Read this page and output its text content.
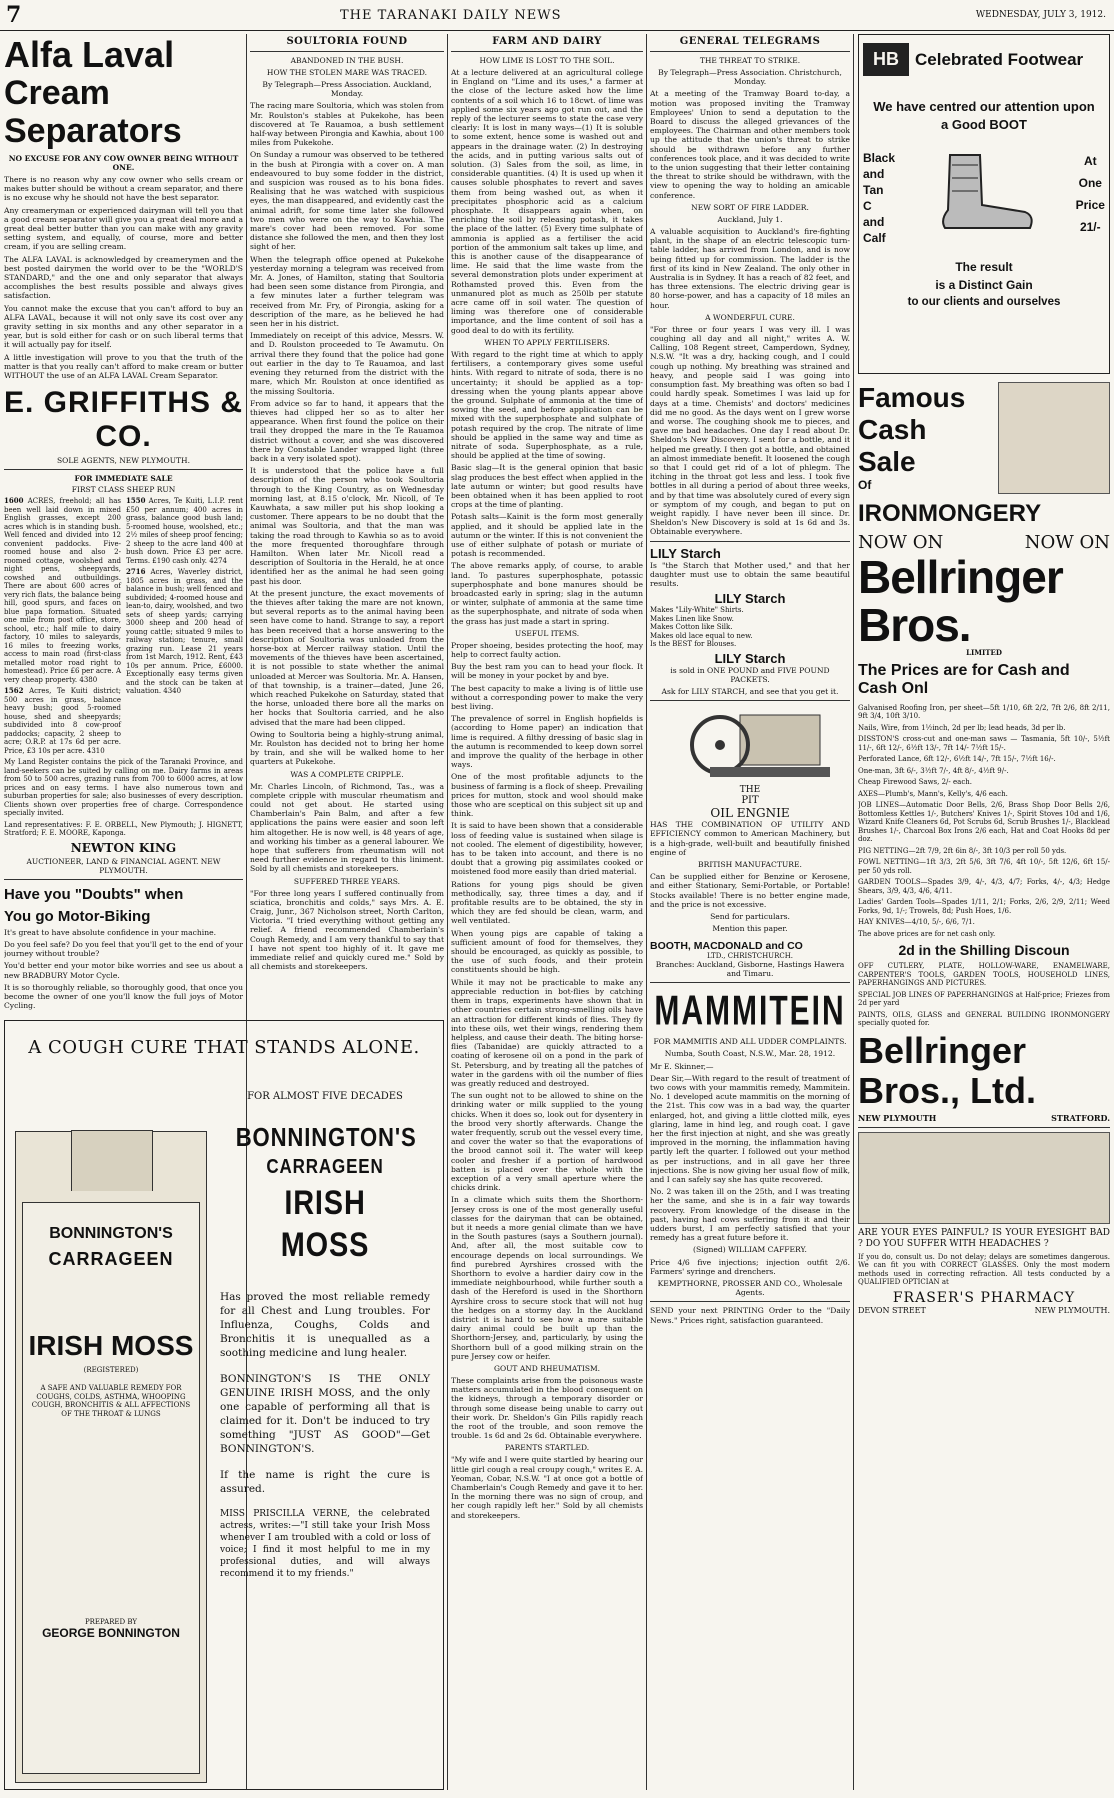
7	THE TARANAKI DAILY NEWS	WEDNESDAY, JULY 3, 1912.
Alfa Laval
Cream Separators
NO EXCUSE FOR ANY COW OWNER BEING WITHOUT ONE.

There is no reason why any cow owner who sells cream or makes butter should be without a cream separator, and there is no excuse why he should not have the best separator.

Any creameryman or experienced dairyman will tell you that a good cream separator will give you a great deal more and a great deal better butter than you can make with any gravity setting system, and equally, of course, more and better cream, if you are selling cream.

The ALFA LAVAL is acknowledged by creamerymen and the best posted dairymen the world over to be the "WORLD'S STANDARD," and the one and only separator that always accomplishes the best results possible and always gives satisfaction.

You cannot make the excuse that you can't afford to buy an ALFA LAVAL, because it will not only save its cost over any gravity setting in six months and any other separator in a year, but is sold either for cash or on such liberal terms that it will actually pay for itself.

A little investigation will prove to you that the truth of the matter is that you really can't afford to make cream or butter WITHOUT the use of an ALFA LAVAL Cream Separator.

E. GRIFFITHS & CO.
SOLE AGENTS, NEW PLYMOUTH.
FOR IMMEDIATE SALE
FIRST CLASS SHEEP RUN

1600 ACRES, freehold; all has been well laid down in mixed English grasses, except 200 acres which is in standing bush. Well fenced and divided into 12 convenient paddocks. Five-roomed house and also 2-roomed cottage, woolshed and night pens, sheepyards, cowshed and outbuildings. There are about 600 acres of very rich flats, the balance being hill, good spurs, and faces on blue papa formation. Situated one mile from post office, store, school, etc.; half mile to dairy factory, 10 miles to saleyards, 16 miles to freezing works, access to main road (first-class metalled motor road right to homestead). Price £6 per acre. A very cheap property. 4380

1562 Acres, Te Kuiti district; 500 acres in grass, balance heavy bush; good 5-roomed house, shed and sheepyards; subdivided into 8 cow-proof paddocks; capacity, 2 sheep to acre; O.R.P. at 17s 6d per acre. Price, £3 10s per acre. 4310

1550 Acres, Te Kuiti, L.I.P. rent £50 per annum; 400 acres in grass, balance good bush land; 5-roomed house, woolshed, etc.; 2½ miles of sheep proof fencing; 2 sheep to the acre land 400 at bush down. Price £3 per acre. Terms. £190 cash only. 4274

2716 Acres, Waverley district, 1805 acres in grass, and the balance in bush; well fenced and subdivided; 4-roomed house and lean-to, dairy, woolshed, and two sets of sheep yards; carrying 3000 sheep and 200 head of young cattle; situated 9 miles to railway station; tenure, small grazing run. Lease 21 years from 1st March, 1912. Rent, £43 10s per annum. Price, £6000. Exceptionally easy terms given and the stock can be taken at valuation. 4340

My Land Register contains the pick of the Taranaki Province, and land-seekers can be suited by calling on me. Dairy farms in areas from 50 to 500 acres, grazing runs from 700 to 6000 acres, at low prices and on easy terms. I have also numerous town and suburban properties for sale; also businesses of every description. Clients shown over properties free of charge. Correspondence specially invited.

Land representatives: F. E. ORBELL, New Plymouth; J. HIGNETT, Stratford; F. E. MOORE, Kaponga.

NEWTON KING
AUCTIONEER, LAND & FINANCIAL AGENT. NEW PLYMOUTH.
Have you "Doubts" when
You go Motor-Biking

It's great to have absolute confidence in your machine.

Do you feel safe? Do you feel that you'll get to the end of your journey without trouble?

You'd better end your motor bike worries and see us about a new BRADBURY Motor Cycle.

It is so thoroughly reliable, so thoroughly good, that once you become the owner of one you'll know the full joys of Motor Cycling.

A COUGH CURE THAT STANDS ALONE.
BONNINGTON'S
CARRAGEEN
IRISH MOSS
(REGISTERED)

A SAFE AND VALUABLE REMEDY FOR COUGHS, COLDS, ASTHMA, WHOOPING COUGH, BRONCHITIS & ALL AFFECTIONS OF THE THROAT & LUNGS

PREPARED BY
GEORGE BONNINGTON
FOR ALMOST FIVE DECADES
BONNINGTON'S
CARRAGEEN
IRISH MOSS

Has proved the most reliable remedy for all Chest and Lung troubles. For Influenza, Coughs, Colds and Bronchitis it is unequalled as a soothing medicine and lung healer.

BONNINGTON'S IS THE ONLY GENUINE IRISH MOSS, and the only one capable of performing all that is claimed for it. Don't be induced to try something "JUST AS GOOD"—Get BONNINGTON'S.

If the name is right the cure is assured.

MISS PRISCILLA VERNE, the celebrated actress, writes:—"I still take your Irish Moss whenever I am troubled with a cold or loss of voice; I find it most helpful to me in my professional duties, and will always recommend it to my friends."

SOULTORIA FOUND
ABANDONED IN THE BUSH.
HOW THE STOLEN MARE WAS TRACED.

By Telegraph—Press Association. Auckland, Monday.

The racing mare Soultoria, which was stolen from Mr. Roulston's stables at Pukekohe, has been discovered at Te Rauamoa, a bush settlement half-way between Pirongia and Kawhia, about 100 miles from Pukekohe.

On Sunday a rumour was observed to be tethered in the bush at Pirongia with a cover on. A man endeavoured to buy some fodder in the district, and suspicion was roused as to his bona fides. Realising that he was watched with suspicious eyes, the man disappeared, and evidently cast the animal adrift, for some time later she followed two men who were on the way to Kawhia. The mare's cover had been removed. For some distance she followed the men, and then they lost sight of her.

When the telegraph office opened at Pukekohe yesterday morning a telegram was received from Mr. A. Jones, of Hamilton, stating that Soultoria had been seen some distance from Pirongia, and a few minutes later a further telegram was received from Mr. Fry, of Pirongia, asking for a description of the mare, as he believed he had seen her in his district.

Immediately on receipt of this advice, Messrs. W. and D. Roulston proceeded to Te Awamutu. On arrival there they found that the police had gone out earlier in the day to Te Rauamoa, and last evening they returned from the district with the mare, which Mr. Roulston at once identified as the missing Soultoria.

From advice so far to hand, it appears that the thieves had clipped her so as to alter her appearance. When first found the police on their trail they dropped the mare in the Te Rauamoa district without a cover, and she was discovered there by Constable Lander wrapped light (three back in a very isolated spot).

It is understood that the police have a full description of the person who took Soultoria through to the King Country, as on Wednesday morning last, at 8.15 o'clock, Mr. Nicoll, of Te Kauwhata, a saw miller put his shop looking a customer. There appears to be no doubt that the animal was Soultoria, and that the man was taking the road through to Kawhia so as to avoid the more frequented thoroughfare through Hamilton. When later Mr. Nicoll read a description of Soultoria in the Herald, he at once identified her as the animal he had seen going past his door.

At the present juncture, the exact movements of the thieves after taking the mare are not known, but several reports as to the animal having been seen have come to hand. Strange to say, a report has been received that a horse answering to the description of Soultoria was unloaded from the horse-box at Mercer railway station. Until the movements of the thieves have been ascertained, it is not possible to state whether the animal unloaded at Mercer was Soultoria. Mr. A. Hansen, of that township, is a trainer—dated, June 26, which reached Pukekohe on Saturday, stated that the horse, unloaded there bore all the marks on her hocks that Soultoria carried, and he also advised that the mare had been clipped.

Owing to Soultoria being a highly-strung animal, Mr. Roulston has decided not to bring her home by train, and she will be walked home to her quarters at Pukekohe.

WAS A COMPLETE CRIPPLE.

Mr. Charles Lincoln, of Richmond, Tas., was a complete cripple with muscular rheumatism and could not get about. He started using Chamberlain's Pain Balm, and after a few applications the pains were easier and soon left him altogether. He is now well, is 48 years of age, and working his timber as a general labourer. We hope that sufferers from rheumatism will not need further evidence in regard to this liniment. Sold by all chemists and storekeepers.

SUFFERED THREE YEARS.

"For three long years I suffered continually from sciatica, bronchitis and colds," says Mrs. A. E. Craig, Junr., 367 Nicholson street, North Carlton, Victoria. "I tried everything without getting any relief. A friend recommended Chamberlain's Cough Remedy, and I am very thankful to say that I have not spent too highly of it. It gave me immediate relief and quickly cured me." Sold by all chemists and storekeepers.

FARM AND DAIRY
HOW LIME IS LOST TO THE SOIL.

At a lecture delivered at an agricultural college in England on "Lime and its uses," a farmer at the close of the lecture asked how the lime contents of a soil which 16 to 18cwt. of lime was applied some six years ago got run out, and the reply of the lecturer seems to state the case very clearly: It is lost in many ways—(1) It is soluble to some extent, hence some is washed out and appears in the drainage water. (2) In destroying the acids, and in putting various salts out of solution. (3) Sales from the soil, as lime, in considerable quantities. (4) It is used up when it causes soluble phosphates to revert and saves them from being washed out, as when it precipitates phosphoric acid as a calcium phosphate. It disappears again when, on enriching the soil by releasing potash, it takes the place of the latter. (5) Every time sulphate of ammonia is applied as a fertiliser the acid portion of the ammonium salt takes up lime, and this is another cause of the disappearance of lime. He said that the lime waste from the several demonstration plots under experiment at Rothamsted proved this. Even from the unmanured plot as much as 250lb per statute acre came off in soil water. The question of liming was therefore one of considerable importance, and the lime content of soil has a good deal to do with its fertility.

WHEN TO APPLY FERTILISERS.

With regard to the right time at which to apply fertilisers, a contemporary gives some useful hints. With regard to nitrate of soda, there is no uncertainty; it should be applied as a top-dressing when the young plants appear above the ground. Sulphate of ammonia at the time of sowing the seed, and before application can be mixed with the superphosphate and sulphate of potash required by the crop. The nitrate of lime should be applied in the same way and time as nitrate of soda. Superphosphate, as a rule, should be applied at the time of sowing.

Basic slag—It is the general opinion that basic slag produces the best effect when applied in the late autumn or winter; but good results have been obtained when it has been applied to root crops at the time of planting.

Potash salts—Kainit is the form most generally applied, and it should be applied late in the autumn or the winter. If this is not convenient the use of either sulphate of potash or muriate of potash is recommended.

The above remarks apply, of course, to arable land. To pastures superphosphate, potassic superphosphate and bone manures should be broadcasted early in spring; slag in the autumn or winter, sulphate of ammonia at the same time as the superphosphate, and nitrate of soda when the grass has just made a start in spring.

USEFUL ITEMS.

Proper shoeing, besides protecting the hoof, may help to correct faulty action.

Buy the best ram you can to head your flock. It will be money in your pocket by and bye.

The best capacity to make a living is of little use without a corresponding power to make the very best living.

The prevalence of sorrel in English hopfields is (according to Home paper) an indication that lime is required. A filthy dressing of basic slag in the autumn is recommended to keep down sorrel and improve the quality of the herbage in other ways.

One of the most profitable adjuncts to the business of farming is a flock of sheep. Prevailing prices for mutton, stock and wool should make those who are sceptical on this subject sit up and think.

It is said to have been shown that a considerable loss of feeding value is sustained when silage is not cooled. The element of digestibility, however, has to be taken into account, and there is no doubt that a growing pig assimilates cooked or moistened food more easily than dried material.

Rations for young pigs should be given methodically, say, three times a day, and if profitable results are to be obtained, the sty in which they are fed should be clean, warm, and well ventilated.

When young pigs are capable of taking a sufficient amount of food for themselves, they should be encouraged, as quickly as possible, to the use of such foods, and their protein constituents should be high.

While it may not be practicable to make any appreciable reduction in bot-flies by catching them in traps, experiments have shown that in other countries certain strong-smelling oils have an attraction for different kinds of flies. They fly into these oils, wet their wings, rendering them helpless, and cause their death. The biting horse-flies (Tabanidae) are quickly attracted to a coating of kerosene oil on a pond in the park of St. Petersburg, and by treating all the patches of water in the gardens with oil the number of flies was greatly reduced and destroyed.

The sun ought not to be allowed to shine on the drinking water or milk supplied to the young chicks. When it does so, look out for dysentery in the brood very shortly afterwards. Change the water frequently, scrub out the vessel every time, and cover the water so that the evaporations of the brood cannot soil it. The water will keep cooler and fresher if a portion of hardwood batten is placed over the whole with the exception of a very small aperture where the chicks drink.

In a climate which suits them the Shorthorn-Jersey cross is one of the most generally useful classes for the dairyman that can be obtained, but it needs a more genial climate than we have in the South pastures (says a Southern journal). And, after all, the most suitable cow to encourage depends on local surroundings. We find purebred Ayrshires crossed with the Shorthorn to evolve a hardier dairy cow in the immediate neighbourhood, while further south a dash of the Hereford is used in the Shorthorn Ayrshire cross to secure stock that will not hug the hedges on a stormy day. In the Auckland district it is hard to see how a more suitable dairy animal could be built up than the Shorthorn-Jersey, and, particularly, by using the Shorthorn bull of a good milking strain on the pure Jersey cow or heifer.

GOUT AND RHEUMATISM.

These complaints arise from the poisonous waste matters accumulated in the blood consequent on the kidneys, through a temporary disorder or through some disease being unable to carry out their work. Dr. Sheldon's Gin Pills rapidly reach the root of the trouble, and soon remove the trouble. 1s 6d and 2s 6d. Obtainable everywhere.

PARENTS STARTLED.

"My wife and I were quite startled by hearing our little girl cough a real croupy cough," writes E. A. Yeoman, Cobar, N.S.W. "I at once got a bottle of Chamberlain's Cough Remedy and gave it to her. In the morning there was no sign of croup, and her cough rapidly left her." Sold by all chemists and storekeepers.

GENERAL TELEGRAMS
THE THREAT TO STRIKE.

By Telegraph—Press Association. Christchurch, Monday.

At a meeting of the Tramway Board to-day, a motion was proposed inviting the Tramway Employees' Union to send a deputation to the Board to discuss the alleged grievances of the employees. The Chairman and other members took up the attitude that the union's threat to strike should be withdrawn before any further conferences took place, and it was decided to write to the union suggesting that their letter containing the threat to strike should be withdrawn, with the view to opening the way to holding an amicable conference.

NEW SORT OF FIRE LADDER.

Auckland, July 1.

A valuable acquisition to Auckland's fire-fighting plant, in the shape of an electric telescopic turn-table ladder, has arrived from London, and is now being fitted up for commission. The ladder is the first of its kind in New Zealand. The only other in Australia is in Sydney. It has a reach of 82 feet, and has three extensions. The electric driving gear is 80 horse-power, and has a capacity of 18 miles an hour.

A WONDERFUL CURE.

"For three or four years I was very ill. I was coughing all day and all night," writes A. W. Calling, 108 Regent street, Camperdown, Sydney, N.S.W. "It was a dry, hacking cough, and I could cough up nothing. My breathing was strained and heavy, and people said I was going into consumption fast. My breathing was often so bad I could hardly speak. Sometimes I was laid up for days at a time. Chemists' and doctors' medicines did me no good. As the days went on I grew worse and worse. The coughing shook me to pieces, and gave me bad headaches. One day I read about Dr. Sheldon's New Discovery. I sent for a bottle, and it helped me greatly. I then got a bottle, and obtained an almost immediate benefit. It loosened the cough so that I could get rid of a lot of phlegm. The itching in the throat got less and less. I took five bottles in all during a period of about three weeks, and by that time was absolutely cured of every sign or symptom of my cough, and began to put on weight rapidly. I have never been ill since. Dr. Sheldon's New Discovery is sold at 1s 6d and 3s. Obtainable everywhere.

LILY Starch

Is "the Starch that Mother used," and that her daughter must use to obtain the same beautiful results.

LILY Starch
Makes "Lily-White" Shirts.
Makes Linen like Snow.
Makes Cotton like Silk.
Makes old lace equal to new.
Is the BEST for Blouses.
LILY Starch

is sold in ONE POUND and FIVE POUND PACKETS.

Ask for LILY STARCH, and see that you get it.

THE
PIT
OIL ENGNIE

HAS THE COMBINATION OF UTILITY AND EFFICIENCY common to American Machinery, but is a high-grade, well-built and beautifully finished engine of

BRITISH MANUFACTURE.

Can be supplied either for Benzine or Kerosene, and either Stationary, Semi-Portable, or Portable! Stocks available! There is no better engine made, and the price is not excessive.

Send for particulars.

Mention this paper.

BOOTH, MACDONALD and CO
LTD., CHRISTCHURCH.

Branches: Auckland, Gisborne, Hastings Hawera and Timaru.

MAMMITEIN
FOR MAMMITIS AND ALL UDDER COMPLAINTS.

Numba, South Coast, N.S.W., Mar. 28, 1912.

Mr E. Skinner,—

Dear Sir,—With regard to the result of treatment of two cows with your mammitis remedy, Mammitein. No. 1 developed acute mammitis on the morning of the 21st. This cow was in a bad way, the quarter enlarged, hot, and giving a little clotted milk, eyes glaring, lame in hind leg, and rough coat. I gave her the first injection at night, and she was greatly improved in the morning, the inflammation having partly left the quarter. I followed out your method as per instructions, and in all gave her three injections. She is now giving her usual flow of milk, and I can safely say she has quite recovered.

No. 2 was taken ill on the 25th, and I was treating her the same, and she is in a fair way towards recovery. From knowledge of the disease in the past, having had cows suffering from it and their udders burst, I am perfectly satisfied that your remedy has a great future before it.

(Signed) WILLIAM CAFFERY.

Price 4/6 five injections; injection outfit 2/6. Farmers' syringe and drenchers.

KEMPTHORNE, PROSSER AND CO., Wholesale Agents.

SEND your next PRINTING Order to the "Daily News." Prices right, satisfaction guaranteed.

HB Celebrated Footwear
We have centred our attention upon a Good BOOT
Black
and
Tan
C
and
Calf
At
One
Price
21/-
The result
is a Distinct Gain
to our clients and ourselves
Famous
Cash
Sale
Of
IRONMONGERY
NOW ON	NOW ON
Bellringer Bros.
LIMITED
The Prices are for Cash and Cash Onl

Galvanised Roofing Iron, per sheet—5ft 1/10, 6ft 2/2, 7ft 2/6, 8ft 2/11, 9ft 3/4, 10ft 3/10.

Nails, Wire, from 1½inch, 2d per lb; lead heads, 3d per lb.

DISSTON'S cross-cut and one-man saws — Tasmania, 5ft 10/-, 5½ft 11/-, 6ft 12/-, 6½ft 13/-, 7ft 14/- 7½ft 15/-.

Perforated Lance, 6ft 12/-, 6½ft 14/-, 7ft 15/-, 7½ft 16/-.

One-man, 3ft 6/-, 3½ft 7/-, 4ft 8/-, 4½ft 9/-.

Cheap Firewood Saws, 2/- each.

AXES—Plumb's, Mann's, Kelly's, 4/6 each.

JOB LINES—Automatic Door Bells, 2/6, Brass Shop Door Bells 2/6, Bottomless Kettles 1/-, Butchers' Knives 1/-, Spirit Stoves 10d and 1/6, Wizard Knife Cleaners 6d, Pot Scrubs 6d, Scrub Brushes 1/-, Blacklead Brushes 1/-, Charcoal Box Irons 2/6 each, Hat and Coat Hooks 8d per doz.

PIG NETTING—2ft 7/9, 2ft 6in 8/-, 3ft 10/3 per roll 50 yds.

FOWL NETTING—1ft 3/3, 2ft 5/6, 3ft 7/6, 4ft 10/-, 5ft 12/6, 6ft 15/- per 50 yds roll.

GARDEN TOOLS—Spades 3/9, 4/-, 4/3, 4/7; Forks, 4/-, 4/3; Hedge Shears, 3/9, 4/3, 4/6, 4/11.

Ladies' Garden Tools—Spades 1/11, 2/1; Forks, 2/6, 2/9, 2/11; Weed Forks, 9d, 1/-; Trowels, 8d; Push Hoes, 1/6.

HAY KNIVES—4/10, 5/-, 6/6, 7/1.

The above prices are for net cash only.

2d in the Shilling Discoun

OFF CUTLERY, PLATE, HOLLOW-WARE, ENAMELWARE, CARPENTER'S TOOLS, GARDEN TOOLS, HOUSEHOLD LINES, PAPERHANGINGS AND PICTURES.

SPECIAL JOB LINES OF PAPERHANGINGS at Half-price; Friezes from 2d per yard

PAINTS, OILS, GLASS and GENERAL BUILDING IRONMONGERY specially quoted for.

Bellringer Bros., Ltd.
NEW PLYMOUTH	STRATFORD.

ARE YOUR EYES PAINFUL? IS YOUR EYESIGHT BAD ? DO YOU SUFFER WITH HEADACHES ?

If you do, consult us. Do not delay; delays are sometimes dangerous. We can fit you with CORRECT GLASSES. Only the most modern methods used in correcting refraction. All tests conducted by a QUALIFIED OPTICIAN at

FRASER'S PHARMACY
DEVON STREET	NEW PLYMOUTH.
